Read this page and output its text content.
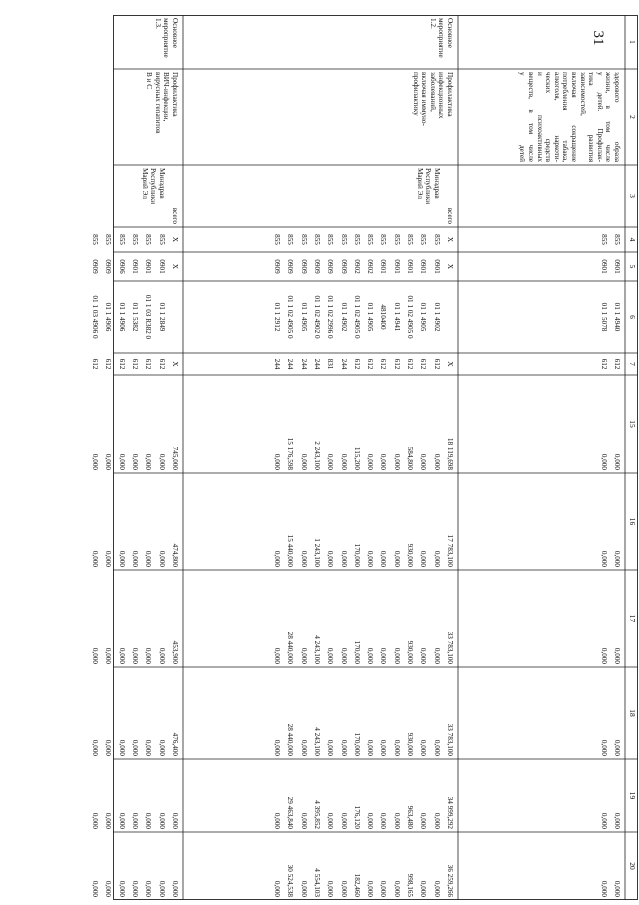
31	1
2
3
4
5
6
7
15
16
17
18
19
20
здорового образа
жизни, в том числе
у детей. Профилак-
тика развития
зависимостей,
включая сокращение
потребления табака,
алкоголя, наркоти-
ческих средств
и психоактивных
веществ, в том числе
у детей
855
0901
01 1 4940
612
0,000
0,000
0,000
0,000
0,000
0,000
855
0901
01 1 5078
612
0,000
0,000
0,000
0,000
0,000
0,000
Основное
мероприятие 1.2.
Профилактика
инфекционных
заболеваний,
включая иммуно-
профилактику
всего
X
X
X
18 119,698
17 783,100
33 783,100
33 783,100
34 999,292
36 259,266
Минздрав
Республики
Марий Эл
855
0901
01 1 4902
612
0,000
0,000
0,000
0,000
0,000
0,000
855
0901
01 1 4905
612
0,000
0,000
0,000
0,000
0,000
0,000
855
0901
01 1 02 4905 0
612
584,800
930,000
930,000
930,000
963,480
998,165
855
0901
01 1 4941
612
0,000
0,000
0,000
0,000
0,000
0,000
855
0901
4810400
612
0,000
0,000
0,000
0,000
0,000
0,000
855
0902
01 1 4905
612
0,000
0,000
0,000
0,000
0,000
0,000
855
0902
01 1 02 4905 0
612
115,200
170,000
170,000
170,000
176,120
182,460
855
0909
01 1 4902
244
0,000
0,000
0,000
0,000
0,000
0,000
855
0909
01 1 02 2996 0
831
0,000
0,000
0,000
0,000
0,000
0,000
855
0909
01 1 02 4902 0
244
2 243,100
1 243,100
4 243,100
4 243,100
4 395,852
4 554,103
855
0909
01 1 4905
244
0,000
0,000
0,000
0,000
0,000
0,000
855
0909
01 1 02 4905 0
244
15 176,598
15 440,000
28 440,000
28 440,000
29 463,840
30 524,538
855
0909
01 1 2912
244
0,000
0,000
0,000
0,000
0,000
0,000
Основное
мероприятие 1.3.
Профилактика
ВИЧ-инфекции,
вирусных гепатитов
В и С
всего
X
X
X
745,000
474,800
453,900
476,400
0,000
0,000
Минздрав
Республики
Марий Эл
855
0901
01 1 2849
612
0,000
0,000
0,000
0,000
0,000
0,000
855
0901
01 1 03 R382 0
612
0,000
0,000
0,000
0,000
0,000
0,000
855
0901
01 1 5382
612
0,000
0,000
0,000
0,000
0,000
0,000
855
0906
01 1 4906
612
0,000
0,000
0,000
0,000
0,000
0,000
855
0909
01 1 4906
612
0,000
0,000
0,000
0,000
0,000
0,000
855
0909
01 1 03 4906 0
612
0,000
0,000
0,000
0,000
0,000
0,000
